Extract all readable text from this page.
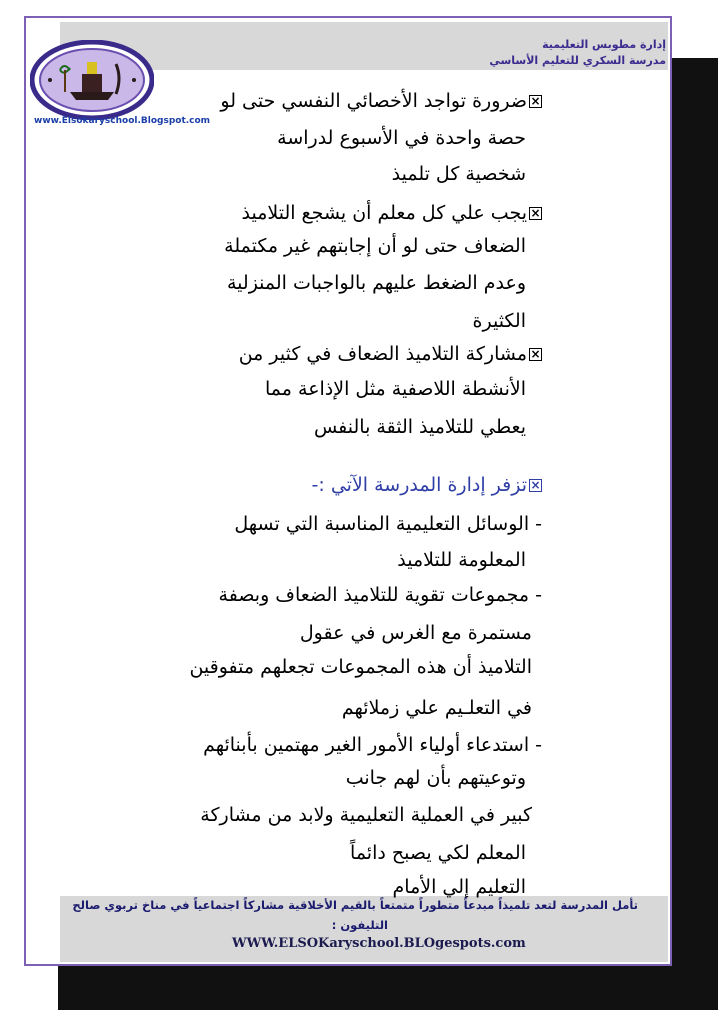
إدارة مطوبس التعليمية
مدرسة السكري للتعليم الأساسي
www.Elsokaryschool.Blogspot.com
×ضرورة تواجد الأخصائي النفسي حتى لو
حصة واحدة في الأسبوع لدراسة
شخصية كل تلميذ
×يجب علي كل معلم أن يشجع التلاميذ
الضعاف حتى لو أن إجابتهم غير مكتملة
وعدم الضغط عليهم بالواجبات المنزلية
الكثيرة
×مشاركة التلاميذ الضعاف في كثير من
الأنشطة اللاصفية مثل الإذاعة مما
يعطي للتلاميذ الثقة بالنفس
×تزفر إدارة المدرسة الآتي :-
- الوسائل التعليمية المناسبة التي تسهل
المعلومة للتلاميذ
- مجموعات تقوية للتلاميذ الضعاف وبصفة
مستمرة مع الغرس في عقول
التلاميذ أن هذه المجموعات تجعلهم متفوقين
في التعلـيم علي زملائهم
- استدعاء أولياء الأمور الغير مهتمين بأبنائهم
وتوعيتهم بأن لهم جانب
كبير في العملية التعليمية ولابد من مشاركة
المعلم لكي يصبح دائماً
التعليم إلي الأمام
تأمل المدرسة لتعد تلميذاً مبدعاً متطوراً متمتعاً بالقيم الأخلاقية مشاركاً اجتماعياً في مناخ تربوي صالح
التليفون :
WWW.ELSOKaryschool.BLOgespots.com
